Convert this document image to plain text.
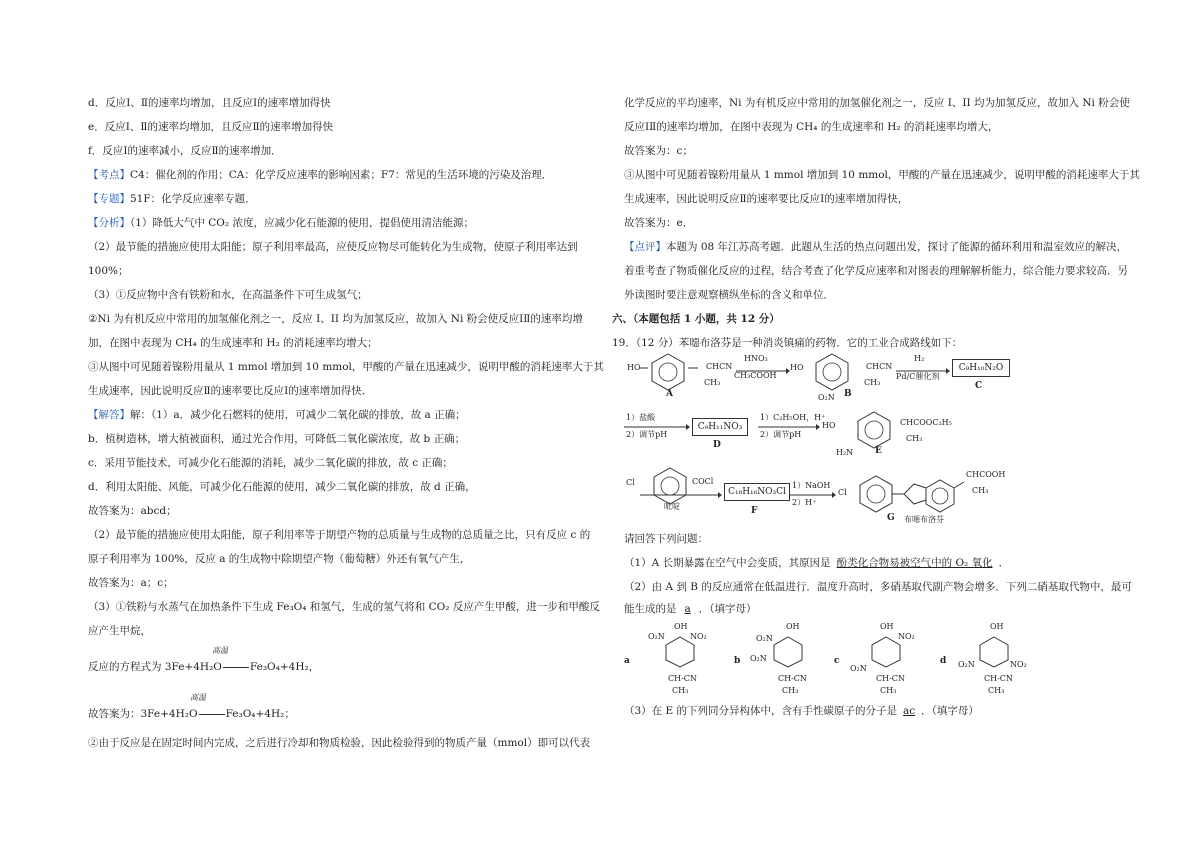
d．反应Ⅰ、Ⅱ的速率均增加，且反应Ⅰ的速率增加得快
e．反应Ⅰ、Ⅱ的速率均增加，且反应Ⅱ的速率增加得快
f．反应Ⅰ的速率减小，反应Ⅱ的速率增加．
【考点】C4：催化剂的作用；CA：化学反应速率的影响因素；F7：常见的生活环境的污染及治理．
【专题】51F：化学反应速率专题．
【分析】（1）降低大气中 CO₂ 浓度，应减少化石能源的使用，提倡使用清洁能源；
（2）最节能的措施应使用太阳能；原子利用率最高，应使反应物尽可能转化为生成物，使原子利用率达到
100%；
（3）①反应物中含有铁粉和水，在高温条件下可生成氢气；
②Ni 为有机反应中常用的加氢催化剂之一，反应 I、II 均为加氢反应，故加入 Ni 粉会使反应ⅠⅡ的速率均增
加，在图中表现为 CH₄ 的生成速率和 H₂ 的消耗速率均增大；
③从图中可见随着镍粉用量从 1 mmol 增加到 10 mmol，甲酸的产量在迅速减少，说明甲酸的消耗速率大于其
生成速率，因此说明反应Ⅱ的速率要比反应Ⅰ的速率增加得快．
【解答】解：（1）a．减少化石燃料的使用，可减少二氧化碳的排放，故 a 正确；
b．植树造林，增大植被面积，通过光合作用，可降低二氧化碳浓度，故 b 正确；
c．采用节能技术，可减少化石能源的消耗，减少二氧化碳的排放，故 c 正确；
d．利用太阳能、风能，可减少化石能源的使用，减少二氧化碳的排放，故 d 正确，
故答案为：abcd；
（2）最节能的措施应使用太阳能，原子利用率等于期望产物的总质量与生成物的总质量之比，只有反应 c 的
原子利用率为 100%，反应 a 的生成物中除期望产物（葡萄糖）外还有氧气产生，
故答案为：a；c；
（3）①铁粉与水蒸气在加热条件下生成 Fe₃O₄ 和氢气，生成的氢气将和 CO₂ 反应产生甲酸，进一步和甲酸反
应产生甲烷，
高温
反应的方程式为 3Fe+4H₂O	Fe₃O₄+4H₂，
高温
故答案为：3Fe+4H₂O	Fe₃O₄+4H₂；
②由于反应是在固定时间内完成，之后进行冷却和物质检验，因此检验得到的物质产量（mmol）即可以代表
化学反应的平均速率，Ni 为有机反应中常用的加氢催化剂之一，反应 I、II 均为加氢反应，故加入 Ni 粉会使
反应ⅠⅡ的速率均增加，在图中表现为 CH₄ 的生成速率和 H₂ 的消耗速率均增大，
故答案为：c；
③从图中可见随着镍粉用量从 1 mmol 增加到 10 mmol，甲酸的产量在迅速减少，说明甲酸的消耗速率大于其
生成速率，因此说明反应Ⅱ的速率要比反应Ⅰ的速率增加得快，
故答案为：e．
【点评】本题为 08 年江苏高考题．此题从生活的热点问题出发，探讨了能源的循环利用和温室效应的解决，
着重考查了物质催化反应的过程，结合考查了化学反应速率和对图表的理解解析能力，综合能力要求较高．另
外读图时要注意观察横纵坐标的含义和单位．
六、（本题包括 1 小题，共 12 分）
19．（12 分）苯噁布洛芬是一种消炎镇痛的药物．它的工业合成路线如下：
HO	CHCN
CH₃
A
HNO₃
CH₃COOH
HO
O₂N
CHCN
CH₃
B
H₂
Pd/C催化剂
C₉H₁₀N₂O
C
1）盐酸
2）调节pH
C₉H₁₁NO₃
D
1）C₂H₅OH，H⁺
2）调节pH
HO
H₂N
CHCOOC₂H₅
CH₃
E
Cl	COCl
吡啶
C₁₈H₁₆NO₃Cl
F
1）NaOH
2）H⁺
Cl
CHCOOH
CH₃
G 布噁布洛芬
请回答下列问题：
（1）A 长期暴露在空气中会变质，其原因是 酚类化合物易被空气中的 O₂ 氧化 ．
（2）由 A 到 B 的反应通常在低温进行．温度升高时，多硝基取代副产物会增多．下列二硝基取代物中，最可
能生成的是 a ．（填字母）
a
OH
O₂N	NO₂
CH-CN
CH₃
b
OH
O₂N
O₂N
CH-CN
CH₃
c
OH
NO₂
O₂N
CH-CN
CH₃
d
OH
O₂N	NO₂
CH-CN
CH₃
（3）在 E 的下列同分异构体中，含有手性碳原子的分子是 ac ．（填字母）
